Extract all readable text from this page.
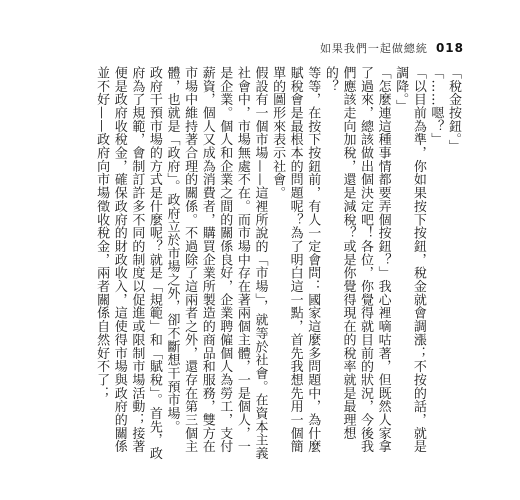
如果我們一起做總統 018

「稅金按鈕。」

「……嗯？」

「以目前為準，你如果按下按鈕，稅金就會調漲；不按的話，就是調降。」

「怎麼連這種事情都要弄個按鈕？」我心裡嘀咕著，但既然人家拿了過來，總該做出個決定吧！各位，你覺得就目前的狀況，今後我們應該走向加稅，還是減稅？或是你覺得現在的稅率就是最理想的？

等等，在按下按鈕前，有人一定會問：國家這麼多問題中，為什麼賦稅會是最根本的問題呢？為了明白這一點，首先我想先用一個簡單的圖形來表示社會。

假設有一個市場——這裡所說的「市場」，就等於社會。在資本主義社會中，市場無處不在。而市場中存在著兩個主體，一是個人，一是企業。個人和企業之間的關係良好，企業聘僱個人為勞工，支付薪資，個人又成為消費者，購買企業所製造的商品和服務，雙方在市場中維持著合理的關係。不過除了這兩者之外，還存在第三個主體，也就是「政府」。政府立於市場之外，卻不斷想干預市場。

政府干預市場的方式是什麼呢？就是「規範」和「賦稅」。首先，政府為了規範，會制訂許多不同的制度以促進或限制市場活動；接著便是政府收稅金，確保政府的財政收入，這使得市場與政府的關係並不好——政府向市場徵收稅金，兩者關係自然好不了；
